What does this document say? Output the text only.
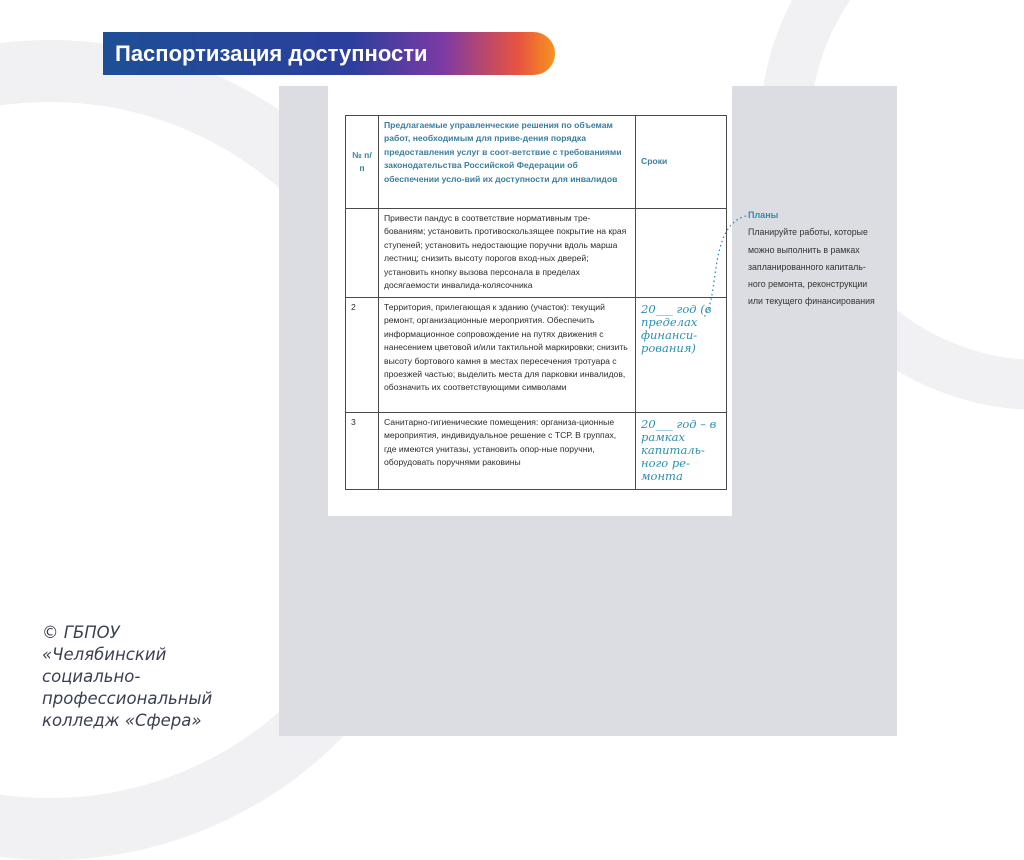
Паспортизация доступности
№ п/п	Предлагаемые управленческие решения по объемам работ, необходимым для приве-дения порядка предоставления услуг в соот-ветствие с требованиями законодательства Российской Федерации об обеспечении усло-вий их доступности для инвалидов	Сроки
	Привести пандус в соответствие нормативным тре-бованиям; установить противоскользящее покрытие на края ступеней; установить недостающие поручни вдоль марша лестниц; снизить высоту порогов вход-ных дверей; установить кнопку вызова персонала в пределах досягаемости инвалида-колясочника	

2	Территория, прилегающая к зданию (участок): текущий ремонт, организационные мероприятия. Обеспечить информационное сопровождение на путях движения с нанесением цветовой и/или тактильной маркировки; снизить высоту бортового камня в местах пересечения тротуара с проезжей частью; выделить места для парковки инвалидов, обозначить их соответствующими символами	20___ год (в пределах финанси-рования)

3	Санитарно-гигиенические помещения: организа-ционные мероприятия, индивидуальное решение с ТСР. В группах, где имеются унитазы, установить опор-ные поручни, оборудовать поручнями раковины	20___ год – в рамках капиталь-ного ре-монта
Планы
Планируйте работы, которые
можно выполнить в рамках
запланированного капиталь-
ного ремонта, реконструкции
или текущего финансирования
© ГБПОУ
«Челябинский
социально-
профессиональный
колледж «Сфера»
